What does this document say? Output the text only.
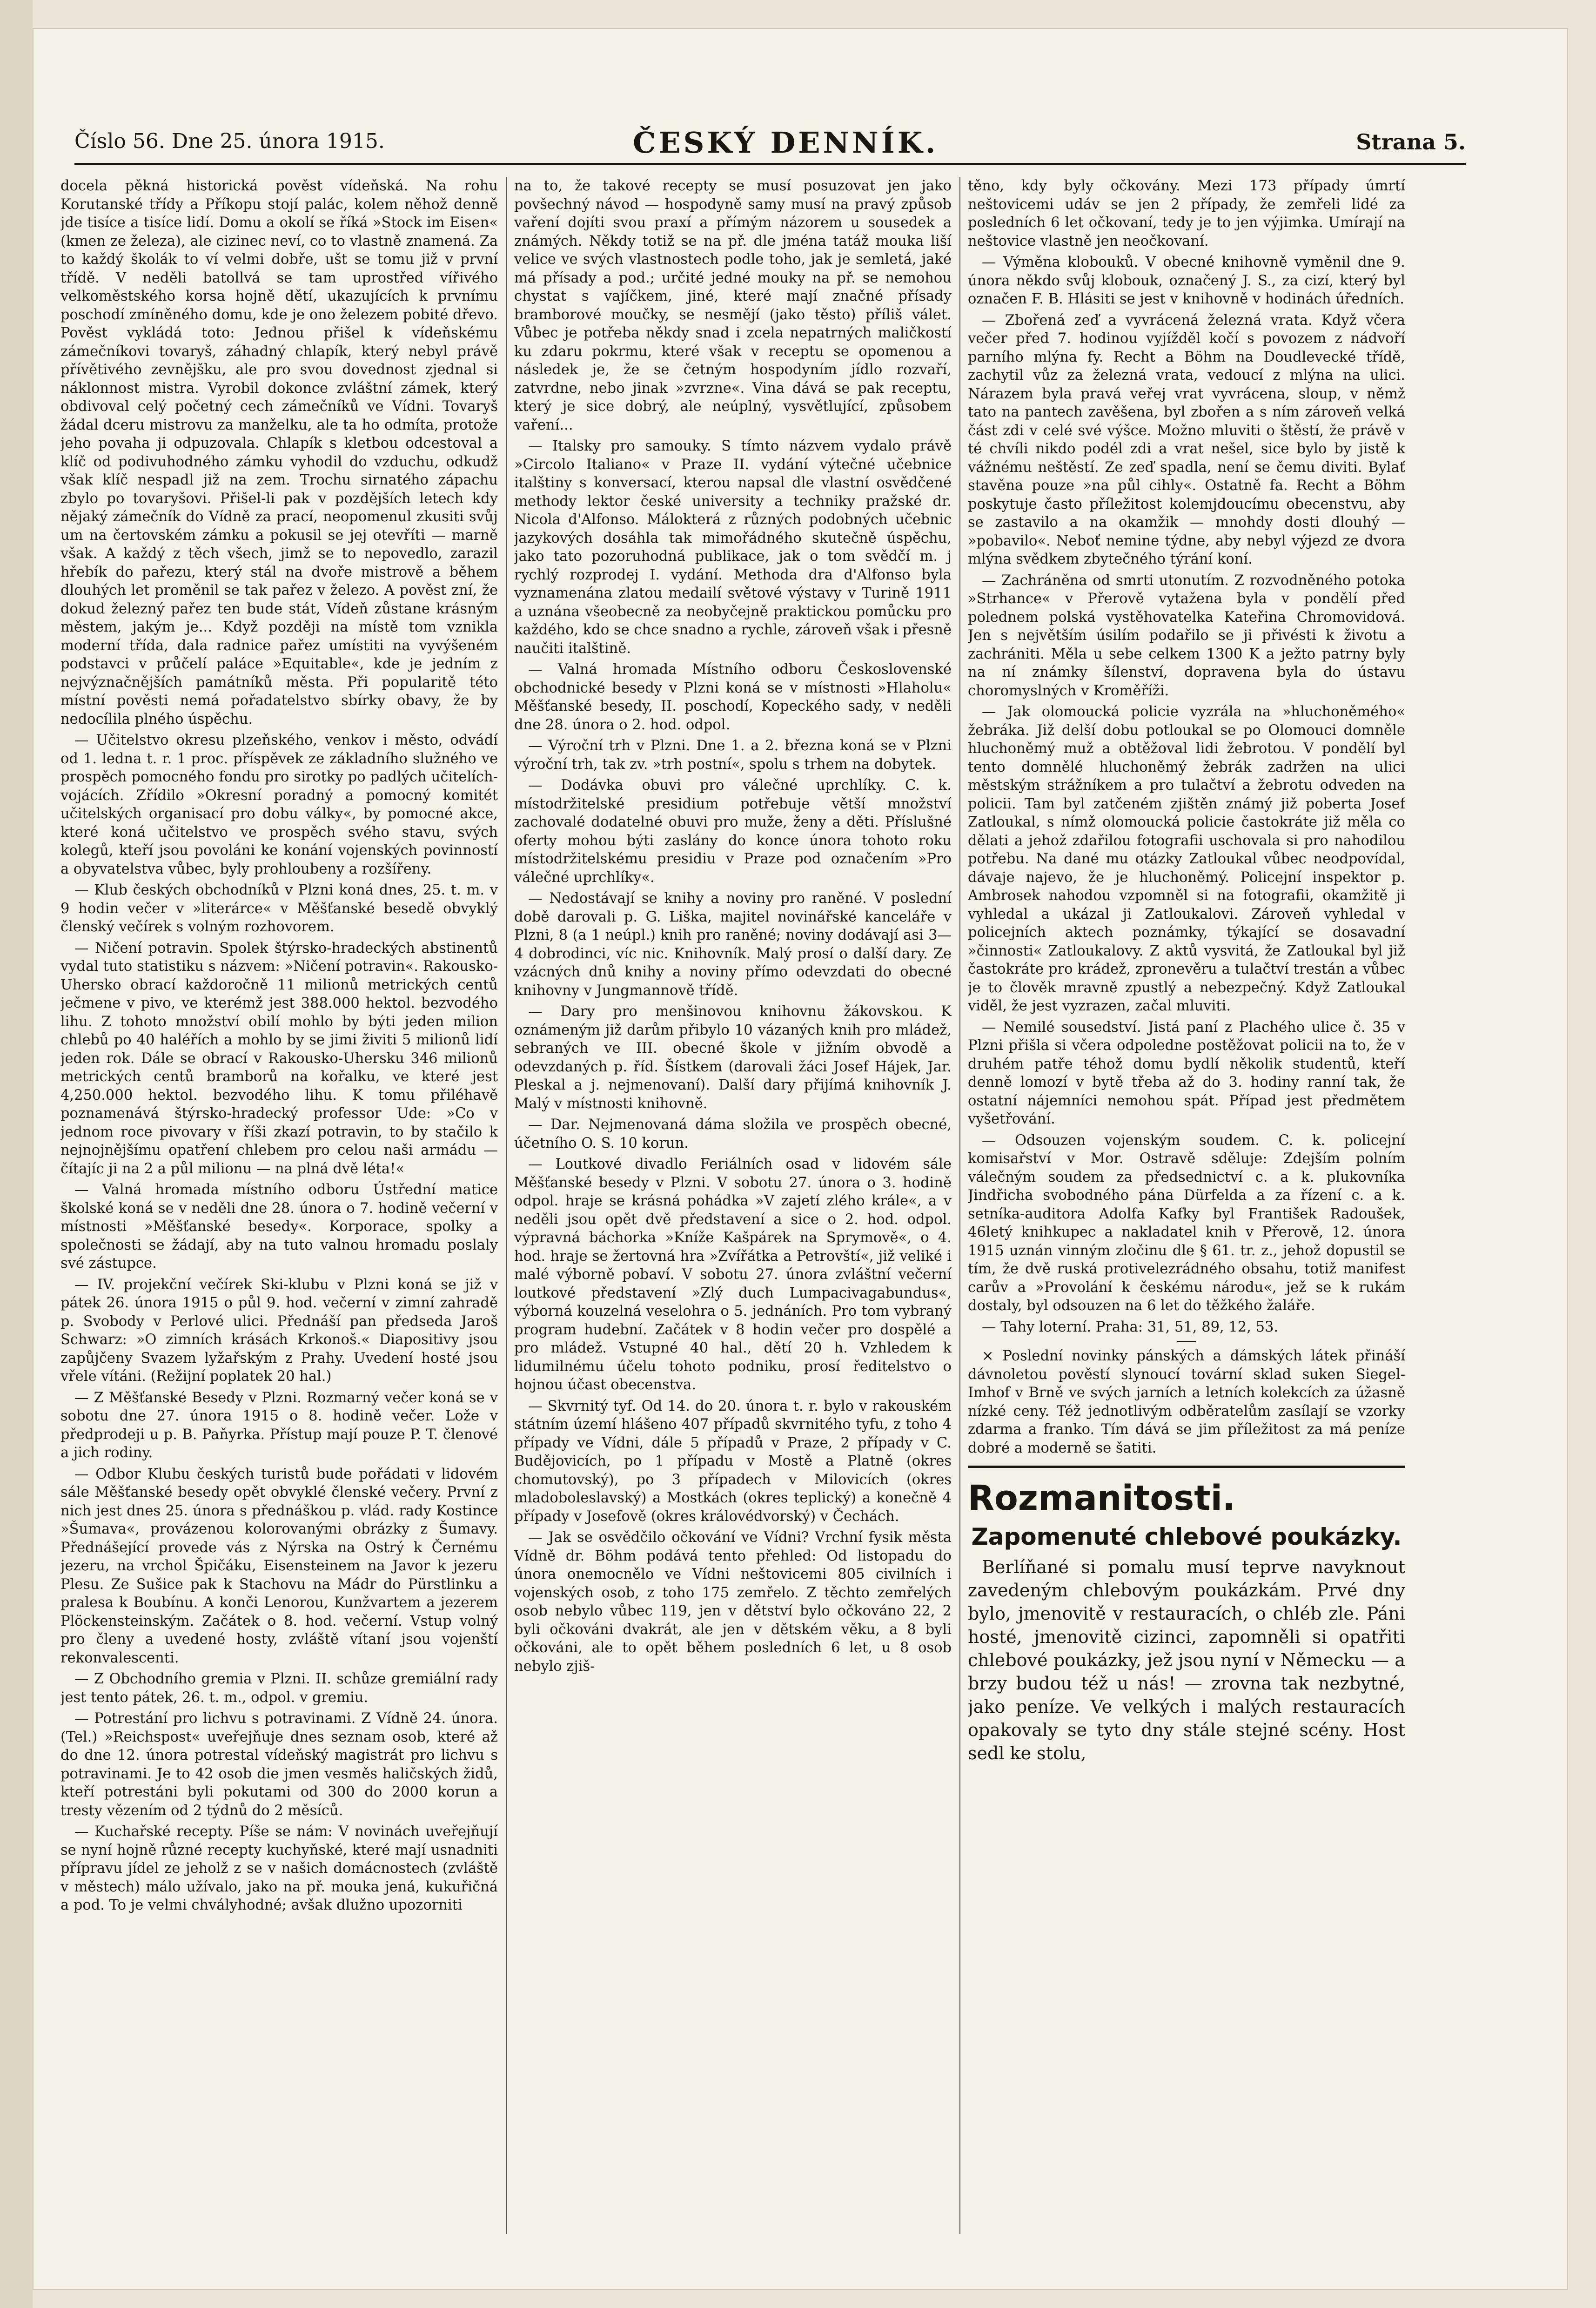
Číslo 56. Dne 25. února 1915.	ČESKÝ DENNÍK.	Strana 5.

docela pěkná historická pověst vídeňská. Na rohu Korutanské třídy a Příkopu stojí palác, kolem něhož denně jde tisíce a tisíce lidí. Domu a okolí se říká »Stock im Eisen« (kmen ze železa), ale cizinec neví, co to vlastně znamená. Za to každý školák to ví velmi dobře, ušt se tomu již v první třídě. V neděli batollvá se tam uprostřed vířivého velkoměstského korsa hojně dětí, ukazujících k prvnímu poschodí zmíněného domu, kde je ono železem pobité dřevo. Pověst vykládá toto: Jednou přišel k vídeňskému zámečníkovi tovaryš, záhadný chlapík, který nebyl právě přívětivého zevnějšku, ale pro svou dovednost zjednal si náklonnost mistra. Vyrobil dokonce zvláštní zámek, který obdivoval celý početný cech zámečníků ve Vídni. Tovaryš žádal dceru mistrovu za manželku, ale ta ho odmíta, protože jeho povaha ji odpuzovala. Chlapík s kletbou odcestoval a klíč od podivuhodného zámku vyhodil do vzduchu, odkudž však klíč nespadl již na zem. Trochu sirnatého zápachu zbylo po tovaryšovi. Přišel-li pak v pozdějších letech kdy nějaký zámečník do Vídně za prací, neopomenul zkusiti svůj um na čertovském zámku a pokusil se jej otevříti — marně však. A každý z těch všech, jimž se to nepovedlo, zarazil hřebík do pařezu, který stál na dvoře mistrově a během dlouhých let proměnil se tak pařez v železo. A pověst zní, že dokud železný pařez ten bude stát, Vídeň zůstane krásným městem, jakým je... Když později na místě tom vznikla moderní třída, dala radnice pařez umístiti na vyvýšeném podstavci v průčelí paláce »Equitable«, kde je jedním z nejvýznačnějších památníků města. Při popularitě této místní pověsti nemá pořadatelstvo sbírky obavy, že by nedocílila plného úspěchu.

— Učitelstvo okresu plzeňského, venkov i město, odvádí od 1. ledna t. r. 1 proc. příspěvek ze základního služného ve prospěch pomocného fondu pro sirotky po padlých učitelích-vojácích. Zřídilo »Okresní poradný a pomocný komitét učitelských organisací pro dobu války«, by pomocné akce, které koná učitelstvo ve prospěch svého stavu, svých kolegů, kteří jsou povoláni ke konání vojenských povinností a obyvatelstva vůbec, byly prohloubeny a rozšířeny.

— Klub českých obchodníků v Plzni koná dnes, 25. t. m. v 9 hodin večer v »literárce« v Měšťanské besedě obvyklý členský večírek s volným rozhovorem.

— Ničení potravin. Spolek štýrsko-hradeckých abstinentů vydal tuto statistiku s názvem: »Ničení potravin«. Rakousko-Uhersko obrací každoročně 11 milionů metrických centů ječmene v pivo, ve kterémž jest 388.000 hektol. bezvodého lihu. Z tohoto množství obilí mohlo by býti jeden milion chlebů po 40 haléřích a mohlo by se jimi živiti 5 milionů lidí jeden rok. Dále se obrací v Rakousko-Uhersku 346 milionů metrických centů bramborů na kořalku, ve které jest 4,250.000 hektol. bezvodého lihu. K tomu přiléhavě poznamenává štýrsko-hradecký professor Ude: »Co v jednom roce pivovary v říši zkazí potravin, to by stačilo k nejnojnějšímu opatření chlebem pro celou naši armádu — čítajíc ji na 2 a půl milionu — na plná dvě léta!«

— Valná hromada místního odboru Ústřední matice školské koná se v neděli dne 28. února o 7. hodině večerní v místnosti »Měšťanské besedy«. Korporace, spolky a společnosti se žádají, aby na tuto valnou hromadu poslaly své zástupce.

— IV. projekční večírek Ski-klubu v Plzni koná se již v pátek 26. února 1915 o půl 9. hod. večerní v zimní zahradě p. Svobody v Perlové ulici. Přednáší pan předseda Jaroš Schwarz: »O zimních krásách Krkonoš.« Diapositivy jsou zapůjčeny Svazem lyžařským z Prahy. Uvedení hosté jsou vřele vítáni. (Režijní poplatek 20 hal.)

— Z Měšťanské Besedy v Plzni. Rozmarný večer koná se v sobotu dne 27. února 1915 o 8. hodině večer. Lože v předprodeji u p. B. Paňyrka. Přístup mají pouze P. T. členové a jich rodiny.

— Odbor Klubu českých turistů bude pořádati v lidovém sále Měšťanské besedy opět obvyklé členské večery. První z nich jest dnes 25. února s přednáškou p. vlád. rady Kostince »Šumava«, provázenou kolorovanými obrázky z Šumavy. Přednášející provede vás z Nýrska na Ostrý k Černému jezeru, na vrchol Špičáku, Eisensteinem na Javor k jezeru Plesu. Ze Sušice pak k Stachovu na Mádr do Pürstlinku a pralesa k Boubínu. A konči Lenorou, Kunžvartem a jezerem Plöckensteinským. Začátek o 8. hod. večerní. Vstup volný pro členy a uvedené hosty, zvláště vítaní jsou vojenští rekonvalescenti.

— Z Obchodního gremia v Plzni. II. schůze gremiální rady jest tento pátek, 26. t. m., odpol. v gremiu.

— Potrestání pro lichvu s potravinami. Z Vídně 24. února. (Tel.) »Reichspost« uveřejňuje dnes seznam osob, které až do dne 12. února potrestal vídeňský magistrát pro lichvu s potravinami. Je to 42 osob die jmen vesměs haličských židů, kteří potrestáni byli pokutami od 300 do 2000 korun a tresty vězením od 2 týdnů do 2 měsíců.

— Kuchařské recepty. Píše se nám: V novinách uveřejňují se nyní hojně různé recepty kuchyňské, které mají usnadniti přípravu jídel ze jeholž z se v našich domácnostech (zvláště v městech) málo užívalo, jako na př. mouka jená, kukuřičná a pod. To je velmi chvályhodné; avšak dlužno upozorniti

na to, že takové recepty se musí posuzovat jen jako povšechný návod — hospodyně samy musí na pravý způsob vaření dojíti svou praxí a přímým názorem u sousedek a známých. Někdy totiž se na př. dle jména tatáž mouka liší velice ve svých vlastnostech podle toho, jak je semletá, jaké má přísady a pod.; určité jedné mouky na př. se nemohou chystat s vajíčkem, jiné, které mají značné přísady bramborové moučky, se nesmějí (jako těsto) příliš válet. Vůbec je potřeba někdy snad i zcela nepatrných maličkostí ku zdaru pokrmu, které však v receptu se opomenou a následek je, že se četným hospodyním jídlo rozvaří, zatvrdne, nebo jinak »zvrzne«. Vina dává se pak receptu, který je sice dobrý, ale neúplný, vysvětlující, způsobem vaření...

— Italsky pro samouky. S tímto názvem vydalo právě »Circolo Italiano« v Praze II. vydání výtečné učebnice italštiny s konversací, kterou napsal dle vlastní osvědčené methody lektor české university a techniky pražské dr. Nicola d'Alfonso. Málokterá z různých podobných učebnic jazykových dosáhla tak mimořádného skutečně úspěchu, jako tato pozoruhodná publikace, jak o tom svědčí m. j rychlý rozprodej I. vydání. Methoda dra d'Alfonso byla vyznamenána zlatou medailí světové výstavy v Turině 1911 a uznána všeobecně za neobyčejně praktickou pomůcku pro každého, kdo se chce snadno a rychle, zároveň však i přesně naučiti italštině.

— Valná hromada Místního odboru Československé obchodnické besedy v Plzni koná se v místnosti »Hlaholu« Měšťanské besedy, II. poschodí, Kopeckého sady, v neděli dne 28. února o 2. hod. odpol.

— Výroční trh v Plzni. Dne 1. a 2. března koná se v Plzni výroční trh, tak zv. »trh postní«, spolu s trhem na dobytek.

— Dodávka obuvi pro válečné uprchlíky. C. k. místodržitelské presidium potřebuje větší množství zachovalé dodatelné obuvi pro muže, ženy a děti. Příslušné oferty mohou býti zaslány do konce února tohoto roku místodržitelskému presidiu v Praze pod označením »Pro válečné uprchlíky«.

— Nedostávají se knihy a noviny pro raněné. V poslední době darovali p. G. Liška, majitel novinářské kanceláře v Plzni, 8 (a 1 neúpl.) knih pro raněné; noviny dodávají asi 3—4 dobrodinci, víc nic. Knihovník. Malý prosí o další dary. Ze vzácných dnů knihy a noviny přímo odevzdati do obecné knihovny v Jungmannově třídě.

— Dary pro menšinovou knihovnu žákovskou. K oznámeným již darům přibylo 10 vázaných knih pro mládež, sebraných ve III. obecné škole v jižním obvodě a odevzdaných p. říd. Šístkem (darovali žáci Josef Hájek, Jar. Pleskal a j. nejmenovaní). Další dary přijímá knihovník J. Malý v místnosti knihovně.

— Dar. Nejmenovaná dáma složila ve prospěch obecné, účetního O. S. 10 korun.

— Loutkové divadlo Feriálních osad v lidovém sále Měšťanské besedy v Plzni. V sobotu 27. února o 3. hodině odpol. hraje se krásná pohádka »V zajetí zlého krále«, a v neděli jsou opět dvě představení a sice o 2. hod. odpol. výpravná báchorka »Kníže Kašpárek na Sprymově«, o 4. hod. hraje se žertovná hra »Zvířátka a Petrovští«, již veliké i malé výborně pobaví. V sobotu 27. února zvláštní večerní loutkové představení »Zlý duch Lumpacivagabundus«, výborná kouzelná veselohra o 5. jednáních. Pro tom vybraný program hudební. Začátek v 8 hodin večer pro dospělé a pro mládež. Vstupné 40 hal., dětí 20 h. Vzhledem k lidumilnému účelu tohoto podniku, prosí ředitelstvo o hojnou účast obecenstva.

— Skvrnitý tyf. Od 14. do 20. února t. r. bylo v rakouském státním území hlášeno 407 případů skvrnitého tyfu, z toho 4 případy ve Vídni, dále 5 případů v Praze, 2 případy v C. Budějovicích, po 1 případu v Mostě a Platně (okres chomutovský), po 3 případech v Milovicích (okres mladoboleslavský) a Mostkách (okres teplický) a konečně 4 případy v Josefově (okres královédvorský) v Čechách.

— Jak se osvědčilo očkování ve Vídni? Vrchní fysik města Vídně dr. Böhm podává tento přehled: Od listopadu do února onemocnělo ve Vídni neštovicemi 805 civilních i vojenských osob, z toho 175 zemřelo. Z těchto zemřelých osob nebylo vůbec 119, jen v dětství bylo očkováno 22, 2 byli očkováni dvakrát, ale jen v dětském věku, a 8 byli očkováni, ale to opět během posledních 6 let, u 8 osob nebylo zjiš-

těno, kdy byly očkovány. Mezi 173 případy úmrtí neštovicemi udáv se jen 2 případy, že zemřeli lidé za posledních 6 let očkovaní, tedy je to jen výjimka. Umírají na neštovice vlastně jen neočkovaní.

— Výměna klobouků. V obecné knihovně vyměnil dne 9. února někdo svůj klobouk, označený J. S., za cizí, který byl označen F. B. Hlásiti se jest v knihovně v hodinách úředních.

— Zbořená zeď a vyvrácená železná vrata. Když včera večer před 7. hodinou vyjížděl kočí s povozem z nádvoří parního mlýna fy. Recht a Böhm na Doudlevecké třídě, zachytil vůz za železná vrata, vedoucí z mlýna na ulici. Nárazem byla pravá veřej vrat vyvrácena, sloup, v němž tato na pantech zavěšena, byl zbořen a s ním zároveň velká část zdi v celé své výšce. Možno mluviti o štěstí, že právě v té chvíli nikdo podél zdi a vrat nešel, sice bylo by jistě k vážnému neštěstí. Ze zeď spadla, není se čemu diviti. Bylať stavěna pouze »na půl cihly«. Ostatně fa. Recht a Böhm poskytuje často příležitost kolemjdoucímu obecenstvu, aby se zastavilo a na okamžik — mnohdy dosti dlouhý — »pobavilo«. Neboť nemine týdne, aby nebyl výjezd ze dvora mlýna svědkem zbytečného týrání koní.

— Zachráněna od smrti utonutím. Z rozvodněného potoka »Strhance« v Přerově vytažena byla v pondělí před polednem polská vystěhovatelka Kateřina Chromovidová. Jen s největším úsilím podařilo se ji přivésti k životu a zachrániti. Měla u sebe celkem 1300 K a ježto patrny byly na ní známky šílenství, dopravena byla do ústavu choromyslných v Kroměříži.

— Jak olomoucká policie vyzrála na »hluchoněmého« žebráka. Již delší dobu potloukal se po Olomouci domněle hluchoněmý muž a obtěžoval lidi žebrotou. V pondělí byl tento domnělé hluchoněmý žebrák zadržen na ulici městským strážníkem a pro tulačtví a žebrotu odveden na policii. Tam byl zatčeném zjištěn známý již poberta Josef Zatloukal, s nímž olomoucká policie častokráte již měla co dělati a jehož zdařilou fotografii uschovala si pro nahodilou potřebu. Na dané mu otázky Zatloukal vůbec neodpovídal, dávaje najevo, že je hluchoněmý. Policejní inspektor p. Ambrosek nahodou vzpomněl si na fotografii, okamžitě ji vyhledal a ukázal ji Zatloukalovi. Zároveň vyhledal v policejních aktech poznámky, týkající se dosavadní »činnosti« Zatloukalovy. Z aktů vysvitá, že Zatloukal byl již častokráte pro krádež, zpronevěru a tulačtví trestán a vůbec je to člověk mravně zpustlý a nebezpečný. Když Zatloukal viděl, že jest vyzrazen, začal mluviti.

— Nemilé sousedství. Jistá paní z Plachého ulice č. 35 v Plzni přišla si včera odpoledne postěžovat policii na to, že v druhém patře téhož domu bydlí několik studentů, kteří denně lomozí v bytě třeba až do 3. hodiny ranní tak, že ostatní nájemníci nemohou spát. Případ jest předmětem vyšetřování.

— Odsouzen vojenským soudem. C. k. policejní komisařství v Mor. Ostravě sděluje: Zdejším polním válečným soudem za předsednictví c. a k. plukovníka Jindřicha svobodného pána Dürfelda a za řízení c. a k. setníka-auditora Adolfa Kafky byl František Radoušek, 46letý knihkupec a nakladatel knih v Přerově, 12. února 1915 uznán vinným zločinu dle § 61. tr. z., jehož dopustil se tím, že dvě ruská protivelezrádného obsahu, totiž manifest carův a »Provolání k českému národu«, jež se k rukám dostaly, byl odsouzen na 6 let do těžkého žaláře.

— Tahy loterní. Praha: 31, 51, 89, 12, 53.

× Poslední novinky pánských a dámských látek přináší dávnoletou pověstí slynoucí tovární sklad suken Siegel-Imhof v Brně ve svých jarních a letních kolekcích za úžasně nízké ceny. Též jednotlivým odběratelům zasílají se vzorky zdarma a franko. Tím dává se jim příležitost za má peníze dobré a moderně se šatiti.

Rozmanitosti.
Zapomenuté chlebové poukázky.

Berlíňané si pomalu musí teprve navyknout zavedeným chlebovým poukázkám. Prvé dny bylo, jmenovitě v restauracích, o chléb zle. Páni hosté, jmenovitě cizinci, zapomněli si opatřiti chlebové poukázky, jež jsou nyní v Německu — a brzy budou též u nás! — zrovna tak nezbytné, jako peníze. Ve velkých i malých restauracích opakovaly se tyto dny stále stejné scény. Host sedl ke stolu,
